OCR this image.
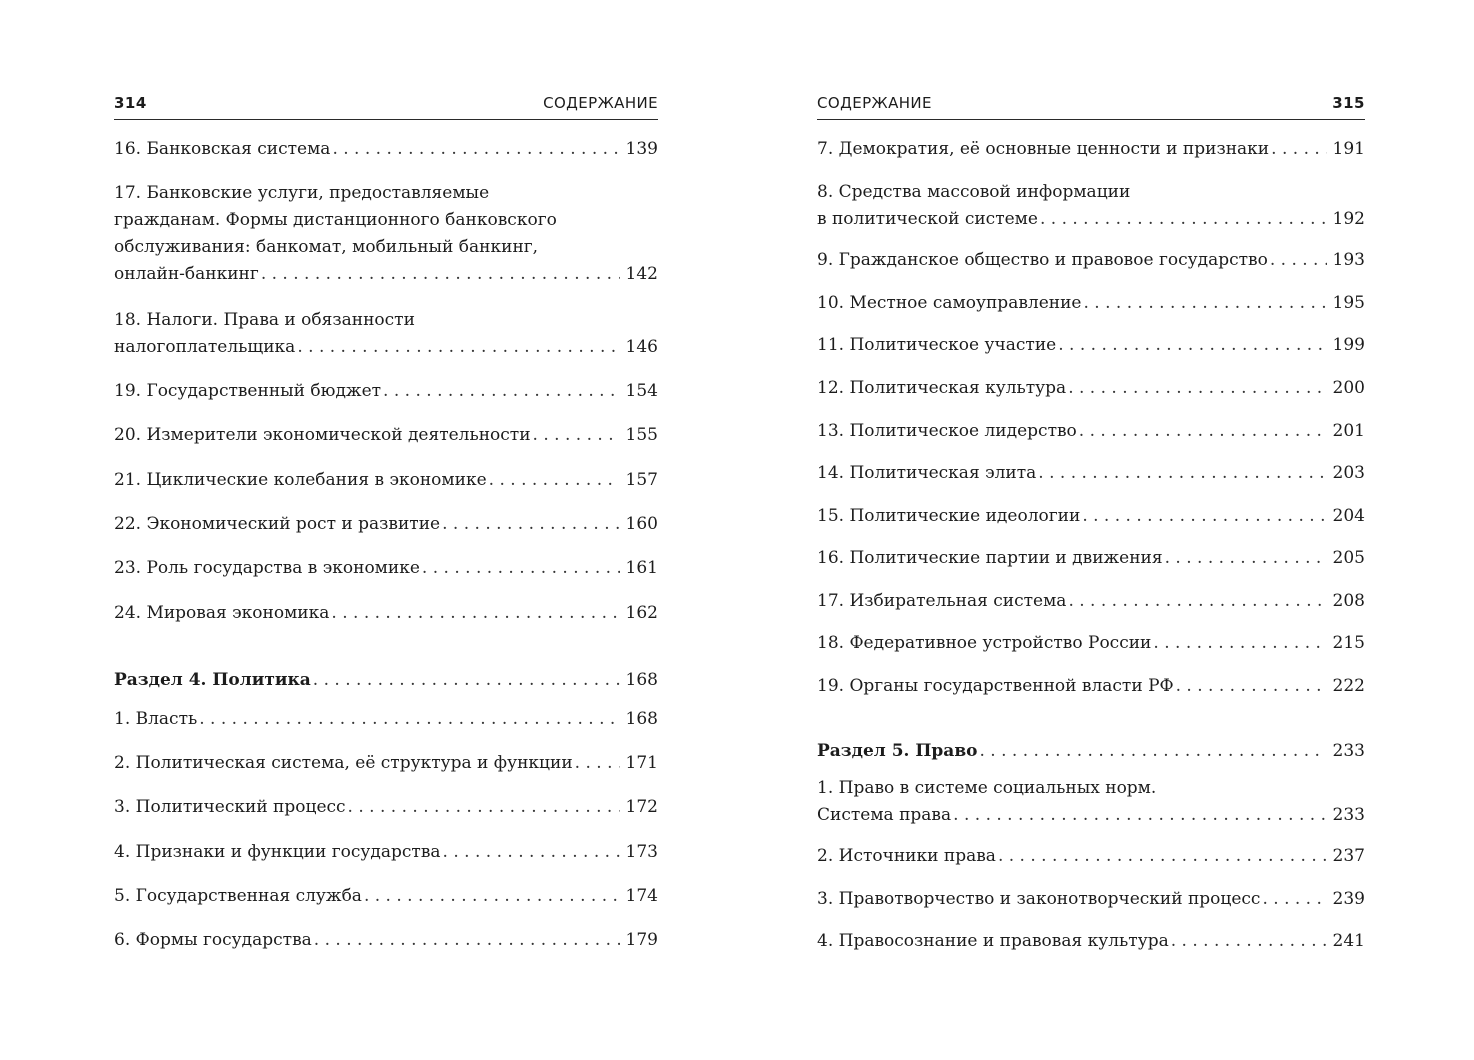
314	СОДЕРЖАНИЕ
16. Банковская система . . .	139
17. Банковские услуги, предоставляемые
гражданам. Формы дистанционного банковского
обслуживания: банкомат, мобильный банкинг,
онлайн-банкинг . . .	142
18. Налоги. Права и обязанности
налогоплательщика . . .	146
19. Государственный бюджет . . .	154
20. Измерители экономической деятельности . . .	155
21. Циклические колебания в экономике . . .	157
22. Экономический рост и развитие . . .	160
23. Роль государства в экономике . . .	161
24. Мировая экономика . . .	162
Раздел 4. Политика . . .	168
1. Власть . . .	168
2. Политическая система, её структура и функции . . .	171
3. Политический процесс . . .	172
4. Признаки и функции государства . . .	173
5. Государственная служба . . .	174
6. Формы государства . . .	179
СОДЕРЖАНИЕ	315
7. Демократия, её основные ценности и признаки . . .	191
8. Средства массовой информации
в политической системе . . .	192
9. Гражданское общество и правовое государство . . .	193
10. Местное самоуправление . . .	195
11. Политическое участие . . .	199
12. Политическая культура . . .	200
13. Политическое лидерство . . .	201
14. Политическая элита . . .	203
15. Политические идеологии . . .	204
16. Политические партии и движения . . .	205
17. Избирательная система . . .	208
18. Федеративное устройство России . . .	215
19. Органы государственной власти РФ . . .	222
Раздел 5. Право . . .	233
1. Право в системе социальных норм.
Система права . . .	233
2. Источники права . . .	237
3. Правотворчество и законотворческий процесс . . .	239
4. Правосознание и правовая культура . . .	241
